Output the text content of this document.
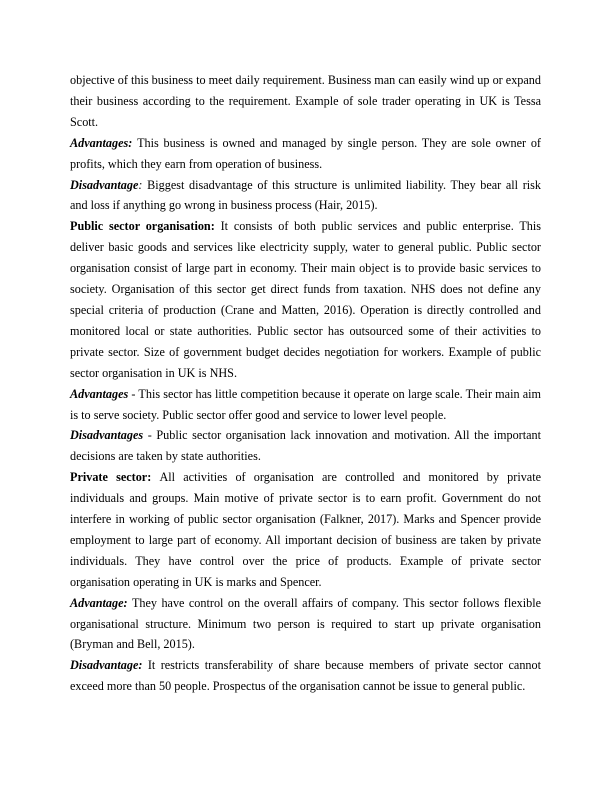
objective of this business to meet daily requirement. Business man can easily wind up or expand their business according to the requirement. Example of sole trader operating in UK is Tessa Scott.

Advantages: This business is owned and managed by single person. They are sole owner of profits, which they earn from operation of business.

Disadvantage: Biggest disadvantage of this structure is unlimited liability. They bear all risk and loss if anything go wrong in business process (Hair, 2015).

Public sector organisation: It consists of both public services and public enterprise. This deliver basic goods and services like electricity supply, water to general public. Public sector organisation consist of large part in economy. Their main object is to provide basic services to society. Organisation of this sector get direct funds from taxation. NHS does not define any special criteria of production (Crane and Matten, 2016). Operation is directly controlled and monitored local or state authorities. Public sector has outsourced some of their activities to private sector. Size of government budget decides negotiation for workers. Example of public sector organisation in UK is NHS.

Advantages - This sector has little competition because it operate on large scale. Their main aim is to serve society. Public sector offer good and service to lower level people.

Disadvantages - Public sector organisation lack innovation and motivation. All the important decisions are taken by state authorities.

Private sector: All activities of organisation are controlled and monitored by private individuals and groups. Main motive of private sector is to earn profit. Government do not interfere in working of public sector organisation (Falkner, 2017). Marks and Spencer provide employment to large part of economy. All important decision of business are taken by private individuals. They have control over the price of products. Example of private sector organisation operating in UK is marks and Spencer.

Advantage: They have control on the overall affairs of company. This sector follows flexible organisational structure. Minimum two person is required to start up private organisation (Bryman and Bell, 2015).

Disadvantage: It restricts transferability of share because members of private sector cannot exceed more than 50 people. Prospectus of the organisation cannot be issue to general public.
